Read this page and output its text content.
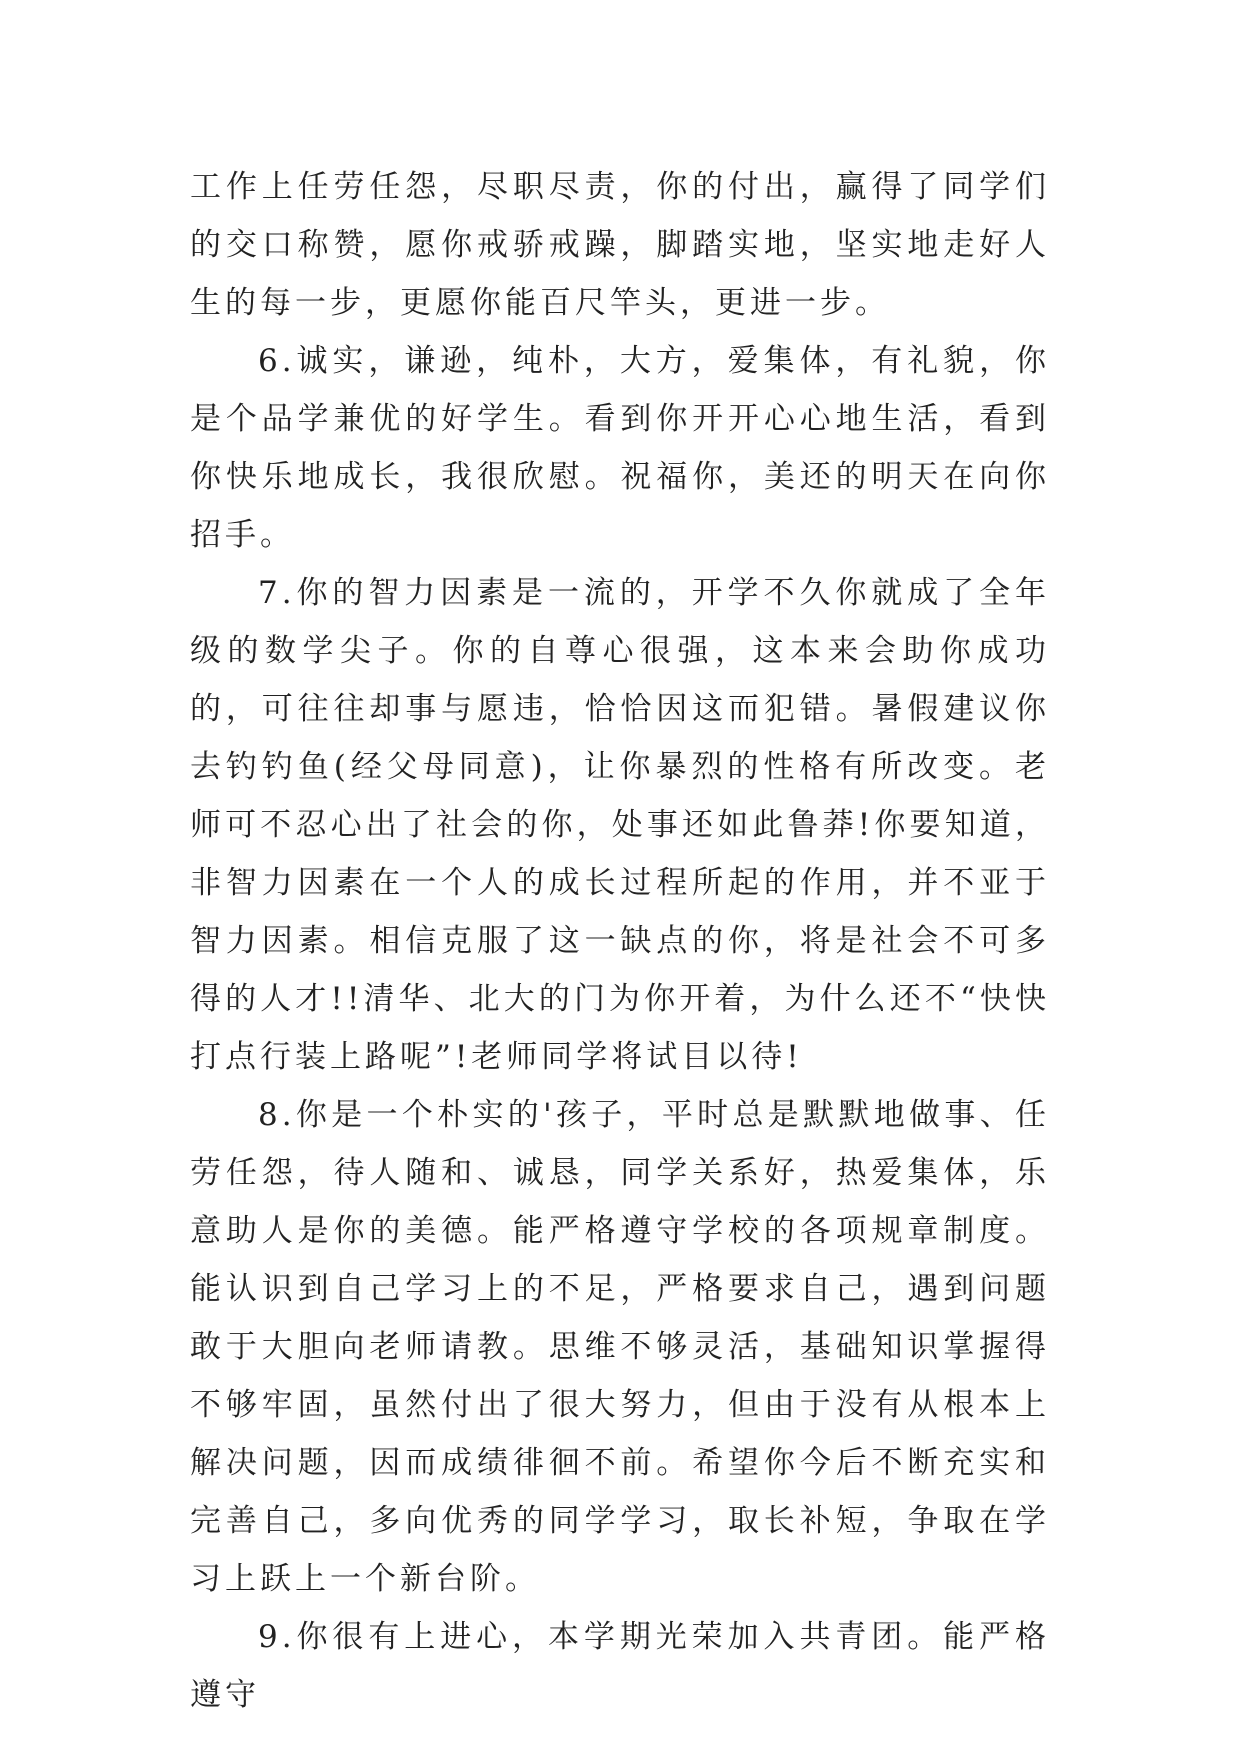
工作上任劳任怨，尽职尽责，你的付出，赢得了同学们的交口称赞，愿你戒骄戒躁，脚踏实地，坚实地走好人生的每一步，更愿你能百尺竿头，更进一步。

6.诚实，谦逊，纯朴，大方，爱集体，有礼貌，你是个品学兼优的好学生。看到你开开心心地生活，看到你快乐地成长，我很欣慰。祝福你，美还的明天在向你招手。

7.你的智力因素是一流的，开学不久你就成了全年级的数学尖子。你的自尊心很强，这本来会助你成功的，可往往却事与愿违，恰恰因这而犯错。暑假建议你去钓钓鱼(经父母同意)，让你暴烈的性格有所改变。老师可不忍心出了社会的你，处事还如此鲁莽!你要知道，非智力因素在一个人的成长过程所起的作用，并不亚于智力因素。相信克服了这一缺点的你，将是社会不可多得的人才!!清华、北大的门为你开着，为什么还不“快快打点行装上路呢”!老师同学将试目以待!

8.你是一个朴实的'孩子，平时总是默默地做事、任劳任怨，待人随和、诚恳，同学关系好，热爱集体，乐意助人是你的美德。能严格遵守学校的各项规章制度。能认识到自己学习上的不足，严格要求自己，遇到问题敢于大胆向老师请教。思维不够灵活，基础知识掌握得不够牢固，虽然付出了很大努力，但由于没有从根本上解决问题，因而成绩徘徊不前。希望你今后不断充实和完善自己，多向优秀的同学学习，取长补短，争取在学习上跃上一个新台阶。

9.你很有上进心，本学期光荣加入共青团。能严格遵守
